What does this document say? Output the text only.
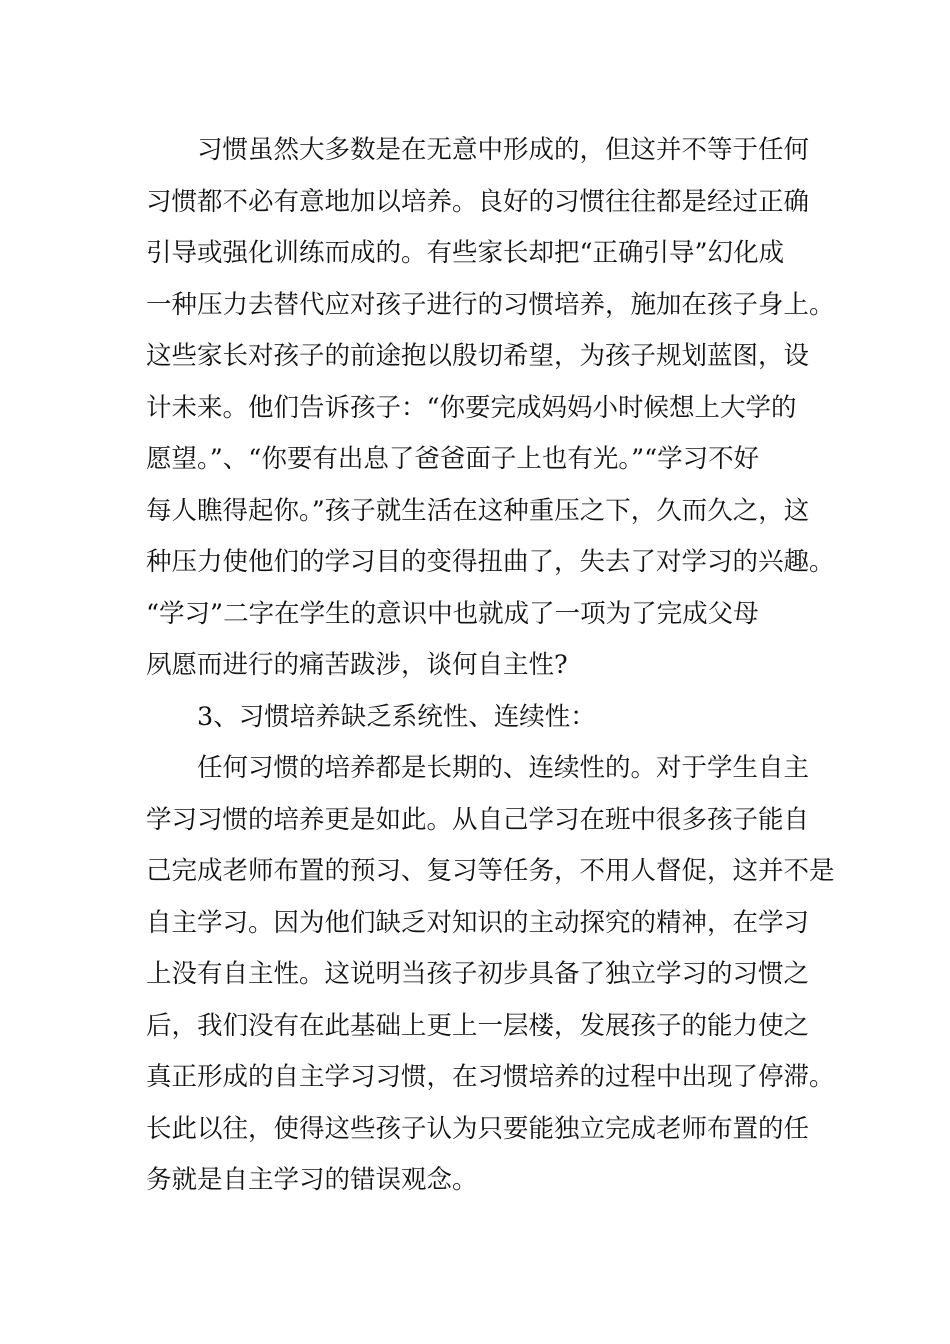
习惯虽然大多数是在无意中形成的，但这并不等于任何
习惯都不必有意地加以培养。良好的习惯往往都是经过正确
引导或强化训练而成的。有些家长却把“正确引导”幻化成
一种压力去替代应对孩子进行的习惯培养，施加在孩子身上。
这些家长对孩子的前途抱以殷切希望，为孩子规划蓝图，设
计未来。他们告诉孩子：“你要完成妈妈小时候想上大学的
愿望。”、“你要有出息了爸爸面子上也有光。”“学习不好
每人瞧得起你。”孩子就生活在这种重压之下，久而久之，这
种压力使他们的学习目的变得扭曲了，失去了对学习的兴趣。
“学习”二字在学生的意识中也就成了一项为了完成父母
夙愿而进行的痛苦跋涉，谈何自主性?
3、习惯培养缺乏系统性、连续性：
任何习惯的培养都是长期的、连续性的。对于学生自主
学习习惯的培养更是如此。从自己学习在班中很多孩子能自
己完成老师布置的预习、复习等任务，不用人督促，这并不是
自主学习。因为他们缺乏对知识的主动探究的精神，在学习
上没有自主性。这说明当孩子初步具备了独立学习的习惯之
后，我们没有在此基础上更上一层楼，发展孩子的能力使之
真正形成的自主学习习惯，在习惯培养的过程中出现了停滞。
长此以往，使得这些孩子认为只要能独立完成老师布置的任
务就是自主学习的错误观念。
